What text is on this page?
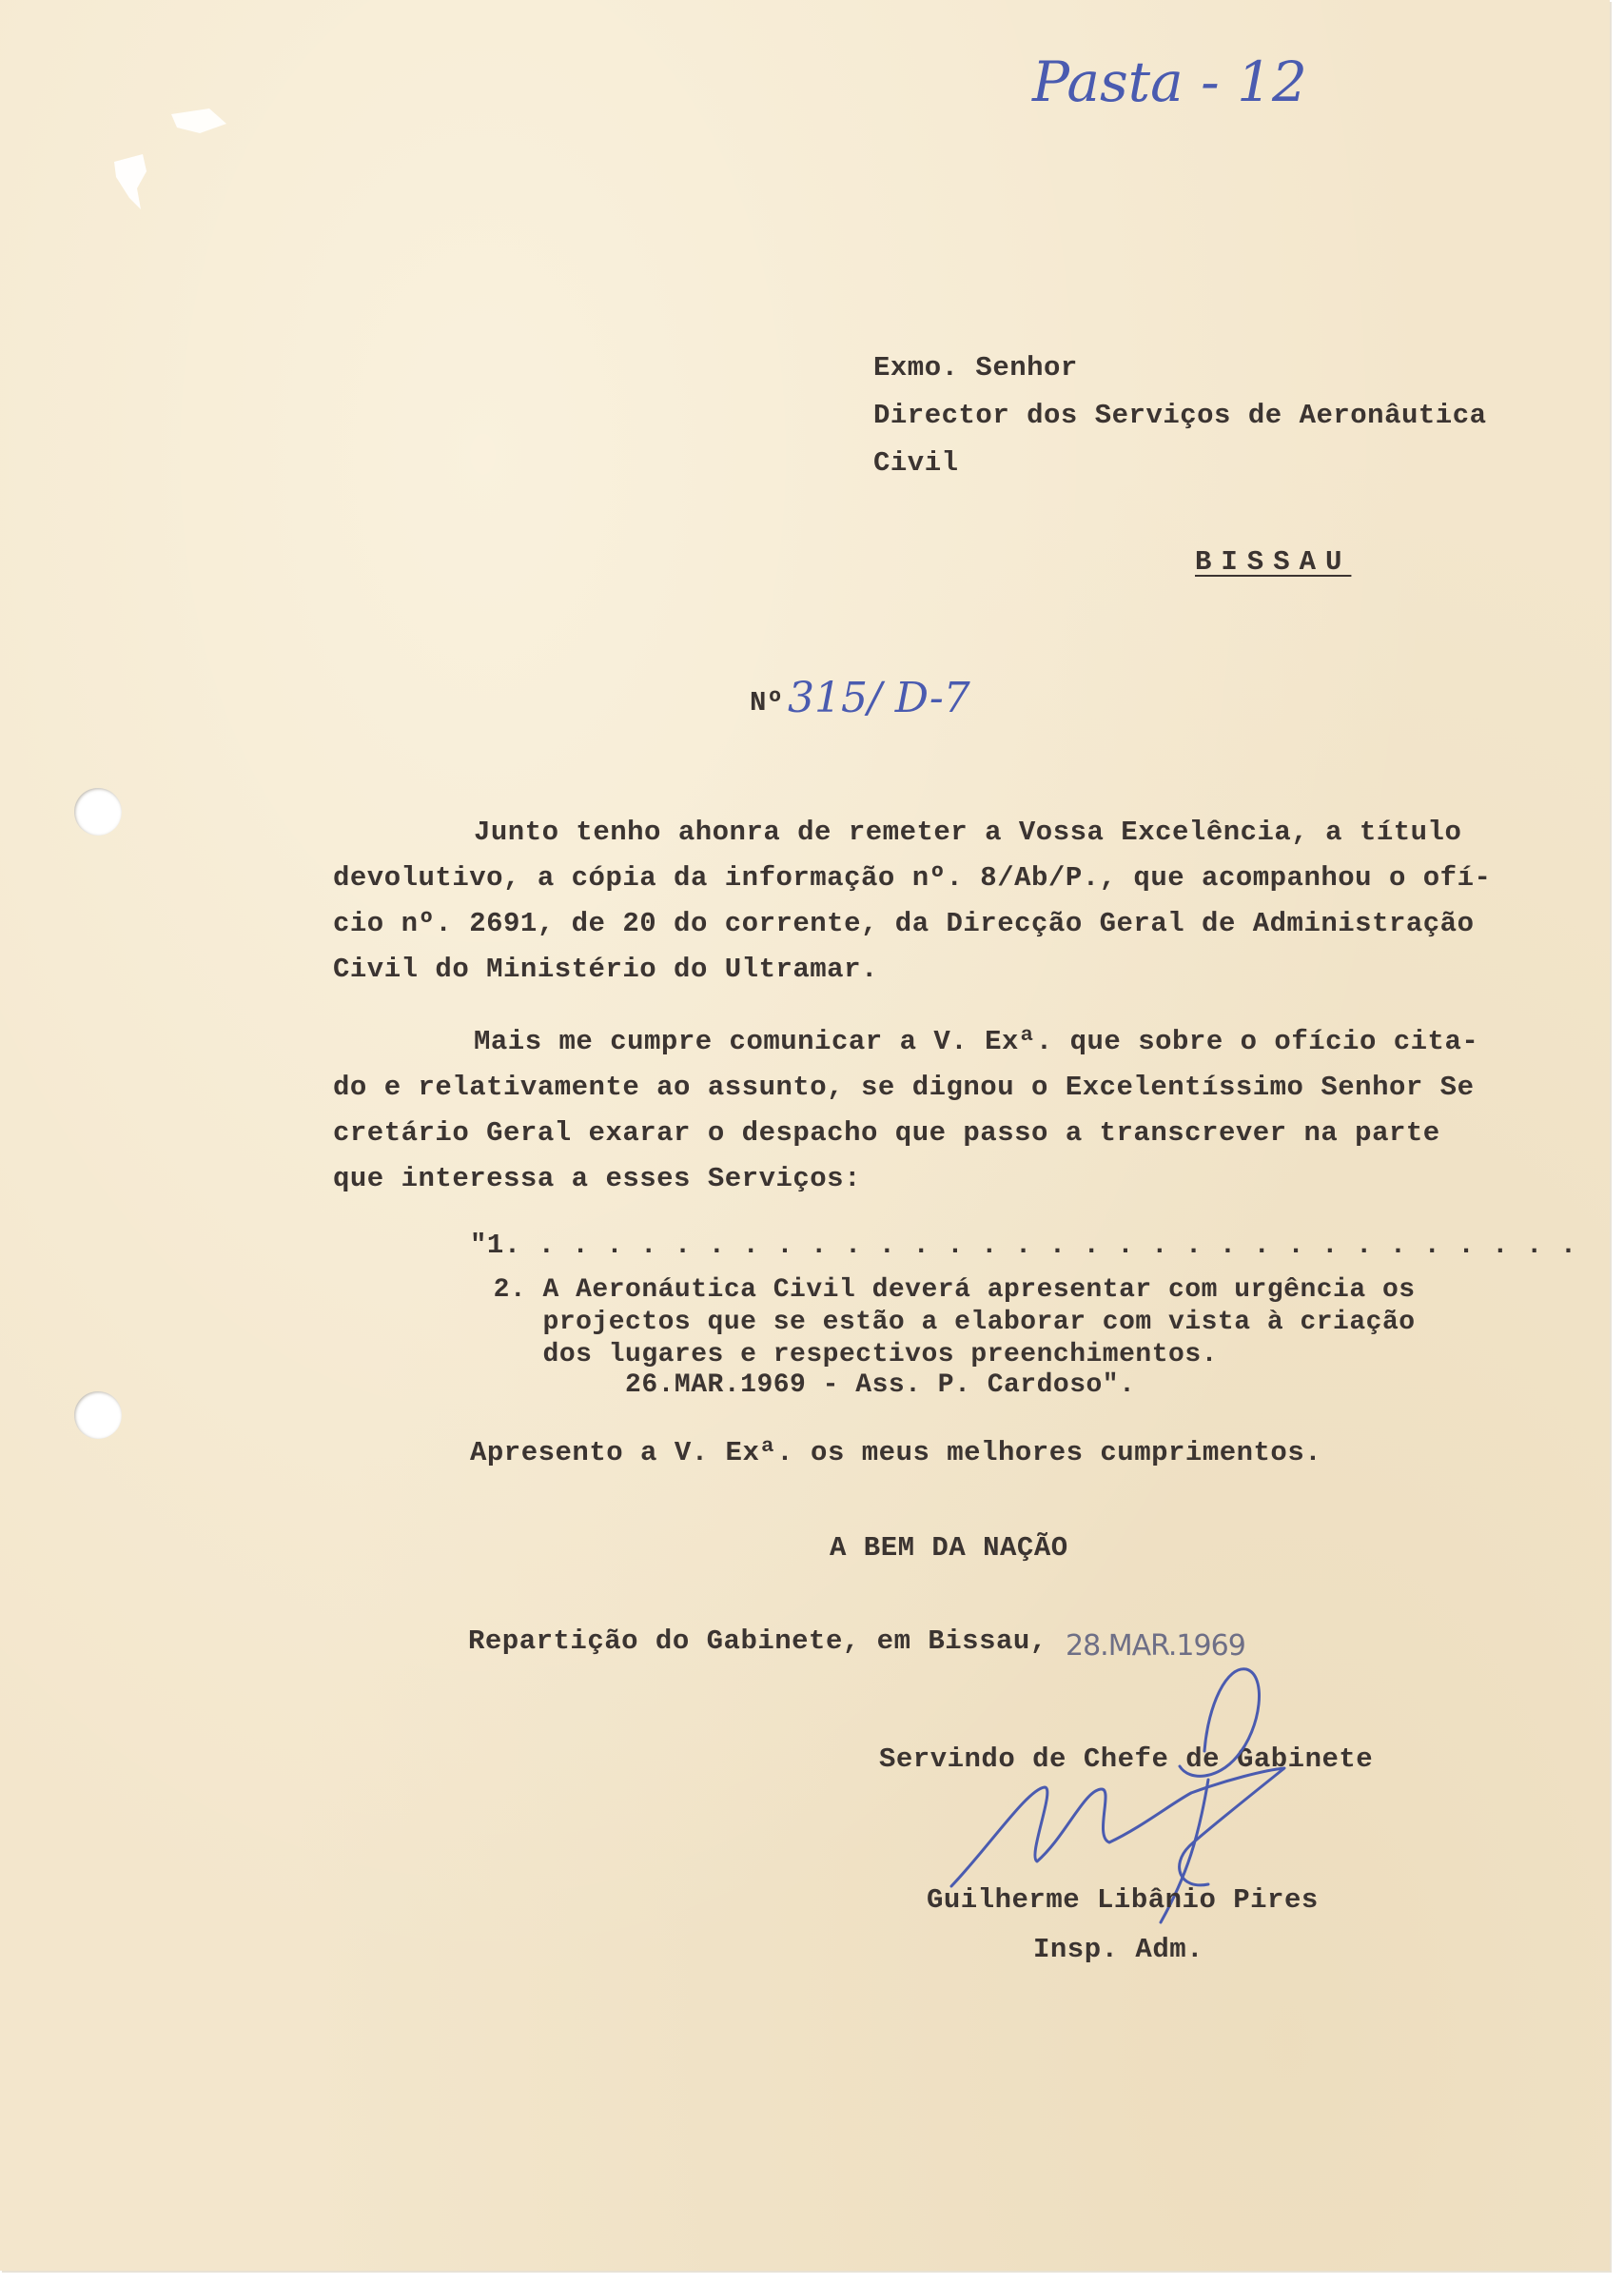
Pasta - 12
Exmo. Senhor
Director dos Serviços de Aeronâutica
Civil
BISSAU
Nº 315/ D-7
Junto tenho ahonra de remeter a Vossa Excelência, a título
devolutivo, a cópia da informação nº. 8/Ab/P., que acompanhou o ofí-
cio nº. 2691, de 20 do corrente, da Direcção Geral de Administração
Civil do Ministério do Ultramar.
Mais me cumpre comunicar a V. Exª. que sobre o ofício cita-
do e relativamente ao assunto, se dignou o Excelentíssimo Senhor Se
cretário Geral exarar o despacho que passo a transcrever na parte
que interessa a esses Serviços:
"1. . . . . . . . . . . . . . . . . . . . . . . . . . . . . . . .
2. A Aeronáutica Civil deverá apresentar com urgência os
projectos que se estão a elaborar com vista à criação
dos lugares e respectivos preenchimentos.
26.MAR.1969 - Ass. P. Cardoso".
Apresento a V. Exª. os meus melhores cumprimentos.
A BEM DA NAÇÃO
Repartição do Gabinete, em Bissau, 28.MAR.1969
Servindo de Chefe de Gabinete
Guilherme Libânio Pires
Insp. Adm.
